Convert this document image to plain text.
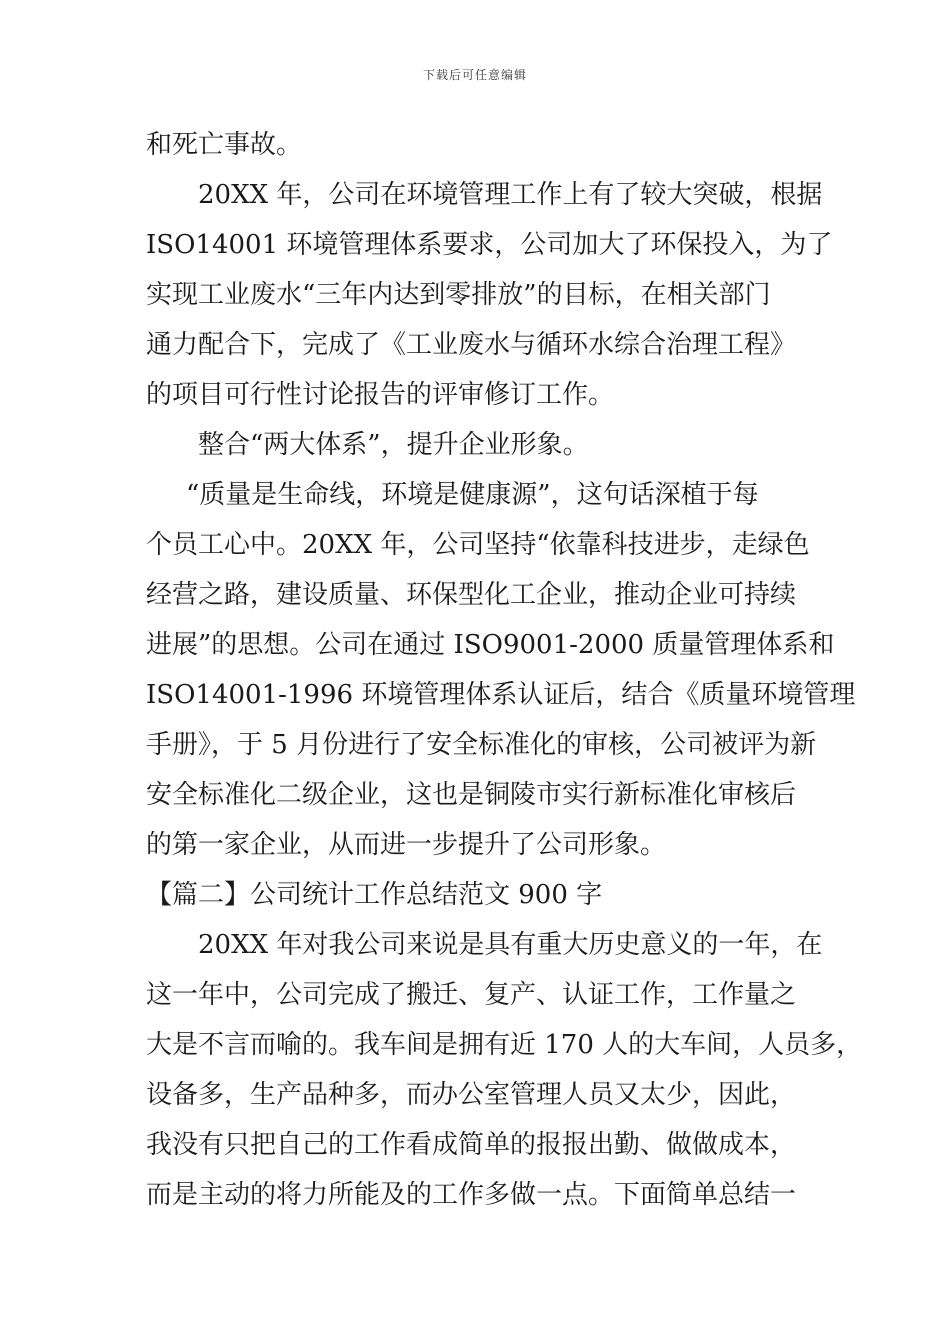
下载后可任意编辑
和死亡事故。
20XX 年，公司在环境管理工作上有了较大突破，根据
ISO14001 环境管理体系要求，公司加大了环保投入，为了
实现工业废水“三年内达到零排放”的目标，在相关部门
通力配合下，完成了《工业废水与循环水综合治理工程》
的项目可行性讨论报告的评审修订工作。
整合“两大体系”，提升企业形象。
“质量是生命线，环境是健康源”，这句话深植于每
个员工心中。20XX 年，公司坚持“依靠科技进步，走绿色
经营之路，建设质量、环保型化工企业，推动企业可持续
进展”的思想。公司在通过 ISO9001-2000 质量管理体系和
ISO14001-1996 环境管理体系认证后，结合《质量环境管理
手册》，于 5 月份进行了安全标准化的审核，公司被评为新
安全标准化二级企业，这也是铜陵市实行新标准化审核后
的第一家企业，从而进一步提升了公司形象。
【篇二】公司统计工作总结范文 900 字
20XX 年对我公司来说是具有重大历史意义的一年，在
这一年中，公司完成了搬迁、复产、认证工作，工作量之
大是不言而喻的。我车间是拥有近 170 人的大车间，人员多，
设备多，生产品种多，而办公室管理人员又太少，因此，
我没有只把自己的工作看成简单的报报出勤、做做成本，
而是主动的将力所能及的工作多做一点。下面简单总结一
